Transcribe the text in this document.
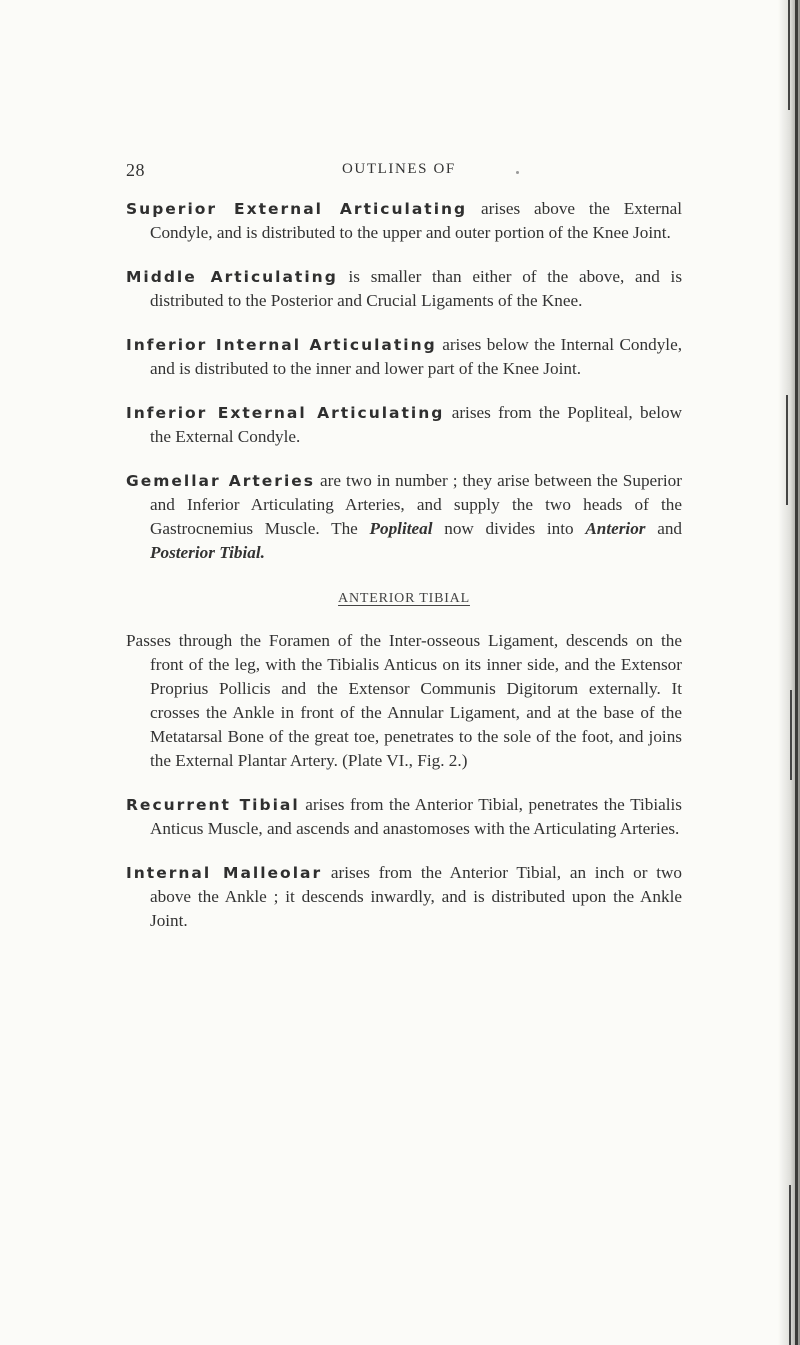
28	OUTLINES OF

Superior External Articulating arises above the External Condyle, and is distributed to the upper and outer portion of the Knee Joint.

Middle Articulating is smaller than either of the above, and is distributed to the Posterior and Crucial Ligaments of the Knee.

Inferior Internal Articulating arises below the Internal Condyle, and is distributed to the inner and lower part of the Knee Joint.

Inferior External Articulating arises from the Popliteal, below the External Condyle.

Gemellar Arteries are two in number ; they arise between the Superior and Inferior Articulating Arteries, and supply the two heads of the Gastrocnemius Muscle. The Popliteal now divides into Anterior and Posterior Tibial.

ANTERIOR TIBIAL

Passes through the Foramen of the Inter-osseous Ligament, descends on the front of the leg, with the Tibialis Anticus on its inner side, and the Extensor Proprius Pollicis and the Extensor Communis Digitorum externally. It crosses the Ankle in front of the Annular Ligament, and at the base of the Metatarsal Bone of the great toe, penetrates to the sole of the foot, and joins the External Plantar Artery. (Plate VI., Fig. 2.)

Recurrent Tibial arises from the Anterior Tibial, penetrates the Tibialis Anticus Muscle, and ascends and anastomoses with the Articulating Arteries.

Internal Malleolar arises from the Anterior Tibial, an inch or two above the Ankle ; it descends inwardly, and is distributed upon the Ankle Joint.
